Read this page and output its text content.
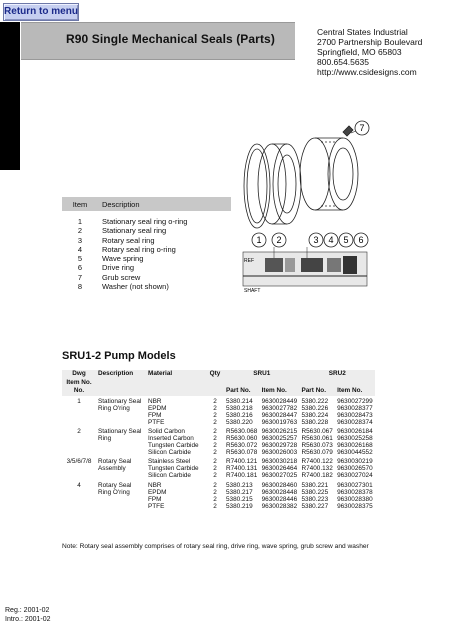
Return to menu
R90 Single Mechanical Seals (Parts)	Central States Industrial
2700 Partnership Boulevard
Springfield, MO 65803
800.654.5635
http://www.csidesigns.com
7
1 2	3 4 5 6
REF
SHAFT
Item	Description

1	Stationary seal ring o-ring
2	Stationary seal ring
3	Rotary seal ring
4	Rotary seal ring o-ring
5	Wave spring
6	Drive ring
7	Grub screw
8	Washer (not shown)
SRU1-2 Pump Models
Dwg	Description	Material	Qty	SRU1		SRU2	
Item No.							
No.				Part No.	Item No.	Part No.	Item No.
1	Stationary Seal	NBR	2	5380.214	9630028449	5380.222	9630027299
	Ring O'ring	EPDM	2	5380.218	9630027782	5380.226	9630028377
		FPM	2	5380.216	9630028447	5380.224	9630028473
		PTFE	2	5380.220	9630019763	5380.228	9630028374
2	Stationary Seal	Solid Carbon	2	R5630.068	9630026215	R5630.067	9630026184
	Ring	Inserted Carbon	2	R5630.060	9630025257	R5630.061	9630025258
		Tungsten Carbide	2	R5630.072	9630029728	R5630.073	9630026168
		Silicon Carbide	2	R5630.078	9630026003	R5630.079	9630044552
3/5/6/7/8	Rotary Seal	Stainless Steel	2	R7400.121	9630030218	R7400.122	9630030219
	Assembly	Tungsten Carbide	2	R7400.131	9630026464	R7400.132	9630026570
		Silicon Carbide	2	R7400.181	9630027025	R7400.182	9630027024
4	Rotary Seal	NBR	2	5380.213	9630028460	5380.221	9630027301
	Ring O'ring	EPDM	2	5380.217	9630028448	5380.225	9630028378
		FPM	2	5380.215	9630028446	5380.223	9630028380
		PTFE	2	5380.219	9630028382	5380.227	9630028375
Note: Rotary seal assembly comprises of rotary seal ring, drive ring, wave spring, grub screw and washer
Reg.: 2001-02
Intro.: 2001-02
